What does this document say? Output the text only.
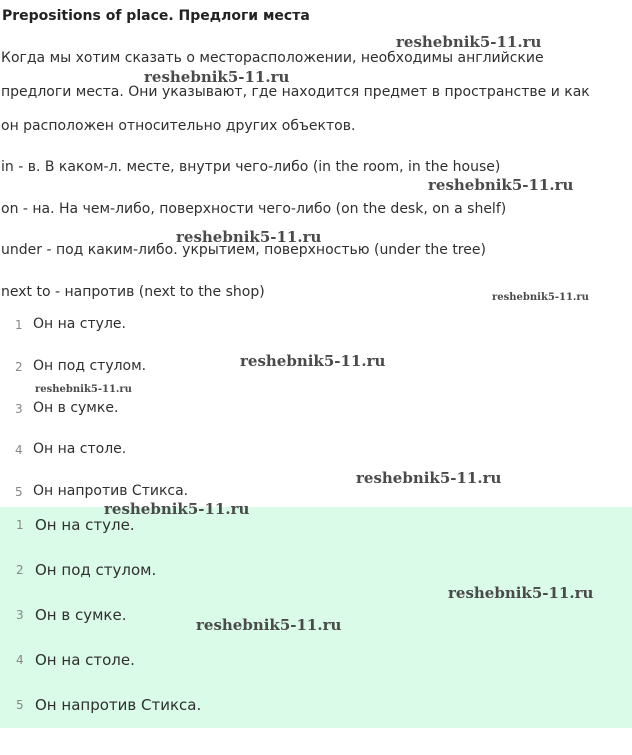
Prepositions of place. Предлоги места
Когда мы хотим сказать о месторасположении, необходимы английские
предлоги места. Они указывают, где находится предмет в пространстве и как
он расположен относительно других объектов.
in - в. В каком-л. месте, внутри чего-либо (in the room, in the house)
on - на. На чем-либо, поверхности чего-либо (on the desk, on a shelf)
under - под каким-либо. укрытием, поверхностью (under the tree)
next to - напротив (next to the shop)
1 Он на стуле.
2 Он под стулом.
3 Он в сумке.
4 Он на столе.
5 Он напротив Стикса.
1 Он на стуле.
2 Он под стулом.
3 Он в сумке.
4 Он на столе.
5 Он напротив Стикса.
reshebnik5-11.ru
reshebnik5-11.ru
reshebnik5-11.ru
reshebnik5-11.ru
reshebnik5-11.ru
reshebnik5-11.ru
reshebnik5-11.ru
reshebnik5-11.ru
reshebnik5-11.ru
reshebnik5-11.ru
reshebnik5-11.ru
